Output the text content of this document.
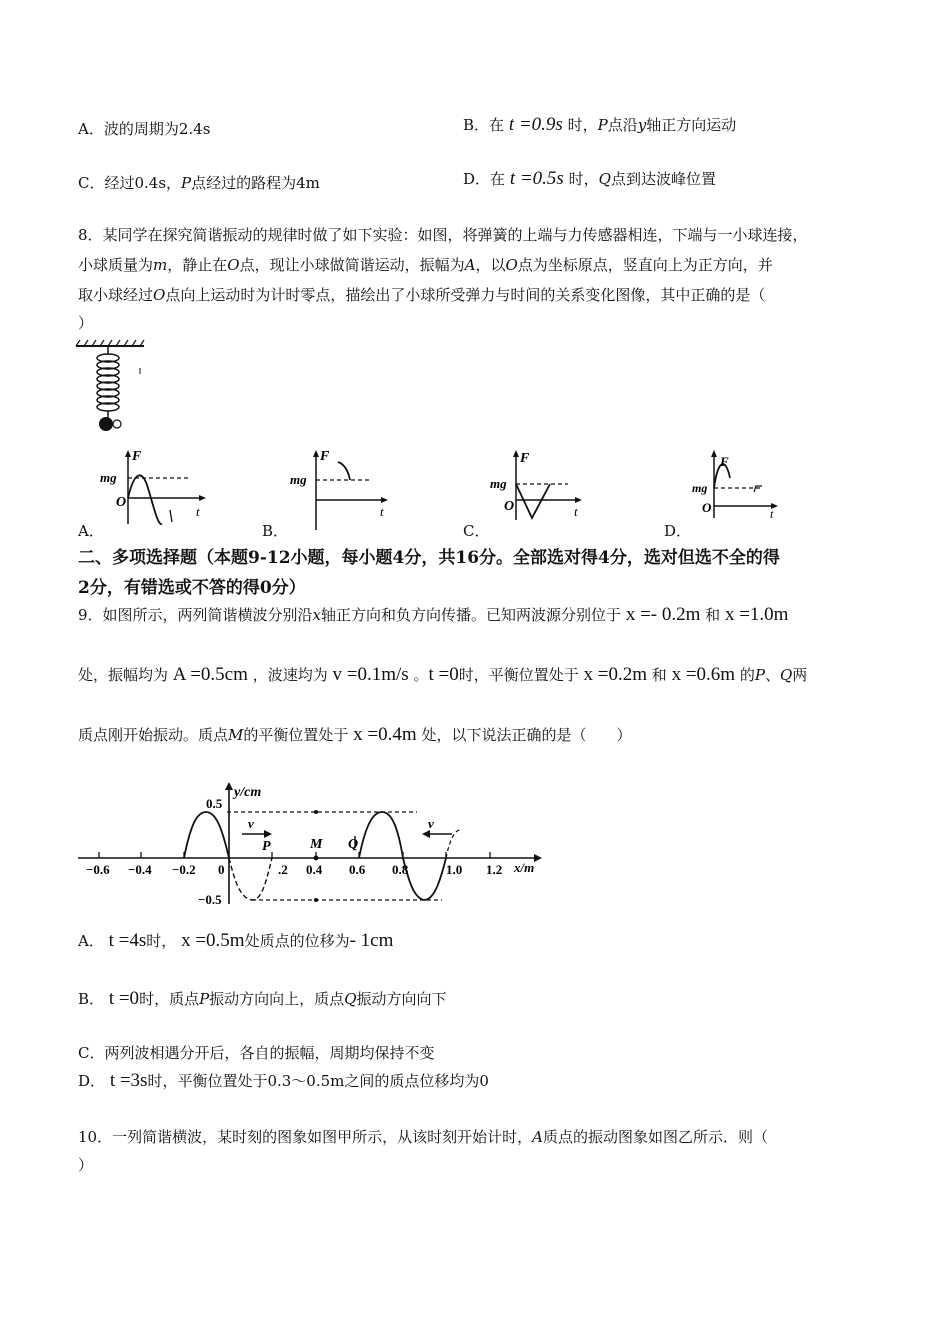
A．波的周期为2.4s	B．在 t =0.9s 时，P点沿y轴正方向运动
C．经过0.4s，P点经过的路程为4m	D．在 t =0.5s 时，Q点到达波峰位置
8．某同学在探究简谐振动的规律时做了如下实验：如图，将弹簧的上端与力传感器相连，下端与一小球连接，
小球质量为m，静止在O点，现让小球做简谐运动，振幅为A，以O点为坐标原点，竖直向上为正方向，并
取小球经过O点向上运动时为计时零点，描绘出了小球所受弹力与时间的关系变化图像，其中正确的是（
）
F
mg
O
t
F
mg
t
F
mg
O	t
F
mg
O	t
A．	B．	C．	D．
二、多项选择题（本题9-12小题，每小题4分，共16分。全部选对得4分，选对但选不全的得
2分，有错选或不答的得0分）
9．如图所示，两列简谐横波分别沿x轴正方向和负方向传播。已知两波源分别位于 x =- 0.2m 和 x =1.0m
处，振幅均为 A =0.5cm ，波速均为 v =0.1m/s 。t =0时，平衡位置处于 x =0.2m 和 x =0.6m 的P、Q两
质点刚开始振动。质点M的平衡位置处于 x =0.4m 处，以下说法正确的是（　　）
y/cm
0.5
−0.5
v	v
P	M Q
x/m
−0.6 −0.4 −0.2 0	.2 0.4 0.6 0.8	1.0 1.2
A． t =4s时， x =0.5m处质点的位移为- 1cm
B． t =0时，质点P振动方向向上，质点Q振动方向向下
C．两列波相遇分开后，各自的振幅，周期均保持不变
D． t =3s时，平衡位置处于0.3～0.5m之间的质点位移均为0
10．一列简谐横波，某时刻的图象如图甲所示，从该时刻开始计时，A质点的振动图象如图乙所示．则（
）
